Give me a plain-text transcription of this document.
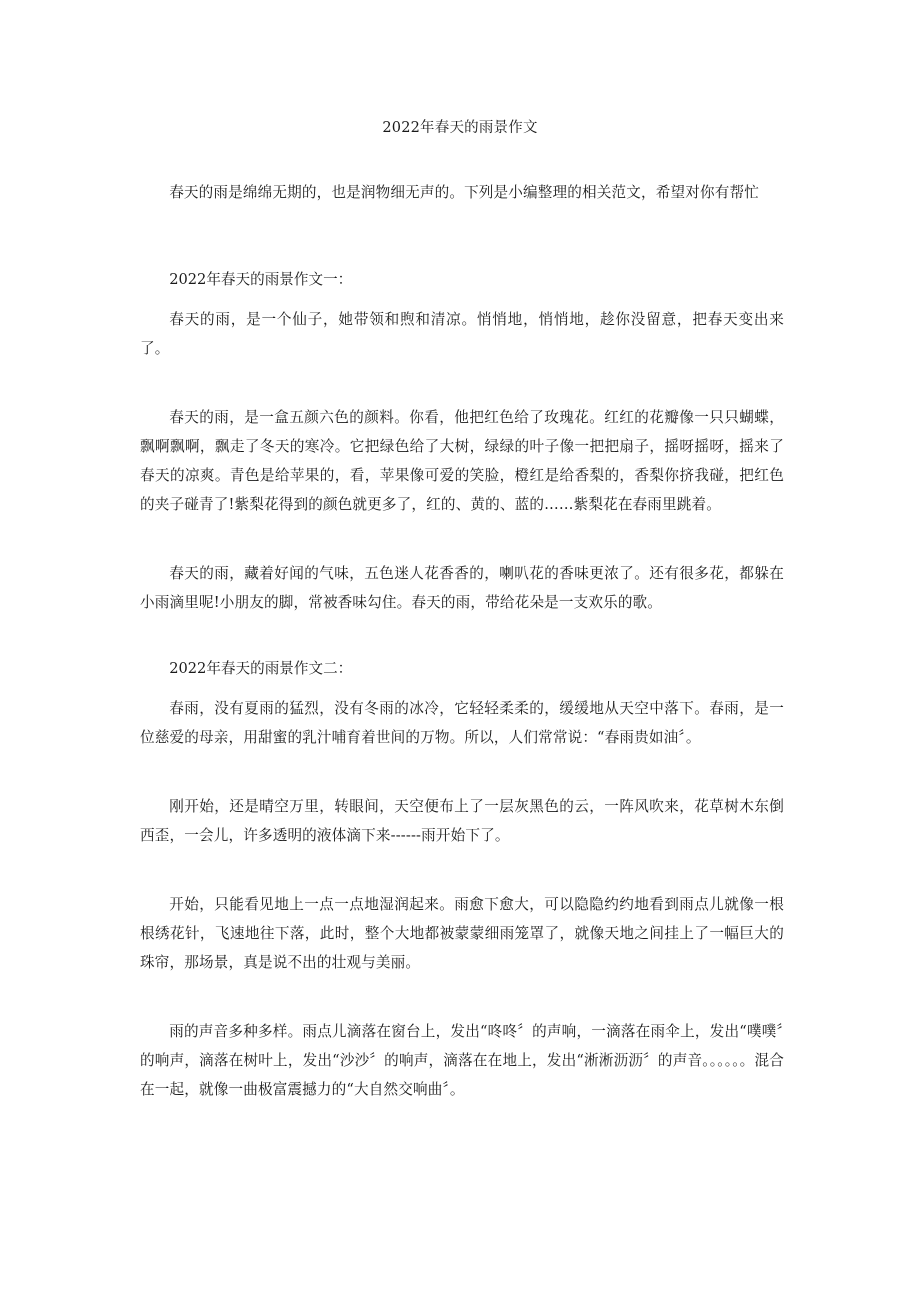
2022年春天的雨景作文

春天的雨是绵绵无期的，也是润物细无声的。下列是小编整理的相关范文，希望对你有帮忙

2022年春天的雨景作文一：

春天的雨，是一个仙子，她带领和煦和清凉。悄悄地，悄悄地，趁你没留意，把春天变出来了。

春天的雨，是一盒五颜六色的颜料。你看，他把红色给了玫瑰花。红红的花瓣像一只只蝴蝶，飘啊飘啊，飘走了冬天的寒冷。它把绿色给了大树，绿绿的叶子像一把把扇子，摇呀摇呀，摇来了春天的凉爽。青色是给苹果的，看，苹果像可爱的笑脸，橙红是给香梨的，香梨你挤我碰，把红色的夹子碰青了!紫梨花得到的颜色就更多了，红的、黄的、蓝的……紫梨花在春雨里跳着。

春天的雨，藏着好闻的气味，五色迷人花香香的，喇叭花的香味更浓了。还有很多花，都躲在小雨滴里呢!小朋友的脚，常被香味勾住。春天的雨，带给花朵是一支欢乐的歌。

2022年春天的雨景作文二：

春雨，没有夏雨的猛烈，没有冬雨的冰冷，它轻轻柔柔的，缓缓地从天空中落下。春雨，是一位慈爱的母亲，用甜蜜的乳汁哺育着世间的万物。所以，人们常常说：“春雨贵如油〞。

刚开始，还是晴空万里，转眼间，天空便布上了一层灰黑色的云，一阵风吹来，花草树木东倒西歪，一会儿，许多透明的液体滴下来------雨开始下了。

开始，只能看见地上一点一点地湿润起来。雨愈下愈大，可以隐隐约约地看到雨点儿就像一根根绣花针，飞速地往下落，此时，整个大地都被蒙蒙细雨笼罩了，就像天地之间挂上了一幅巨大的珠帘，那场景，真是说不出的壮观与美丽。

雨的声音多种多样。雨点儿滴落在窗台上，发出“咚咚〞的声响，一滴落在雨伞上，发出“噗噗〞的响声，滴落在树叶上，发出“沙沙〞的响声，滴落在在地上，发出“淅淅沥沥〞的声音。。。。。。混合在一起，就像一曲极富震撼力的“大自然交响曲〞。
